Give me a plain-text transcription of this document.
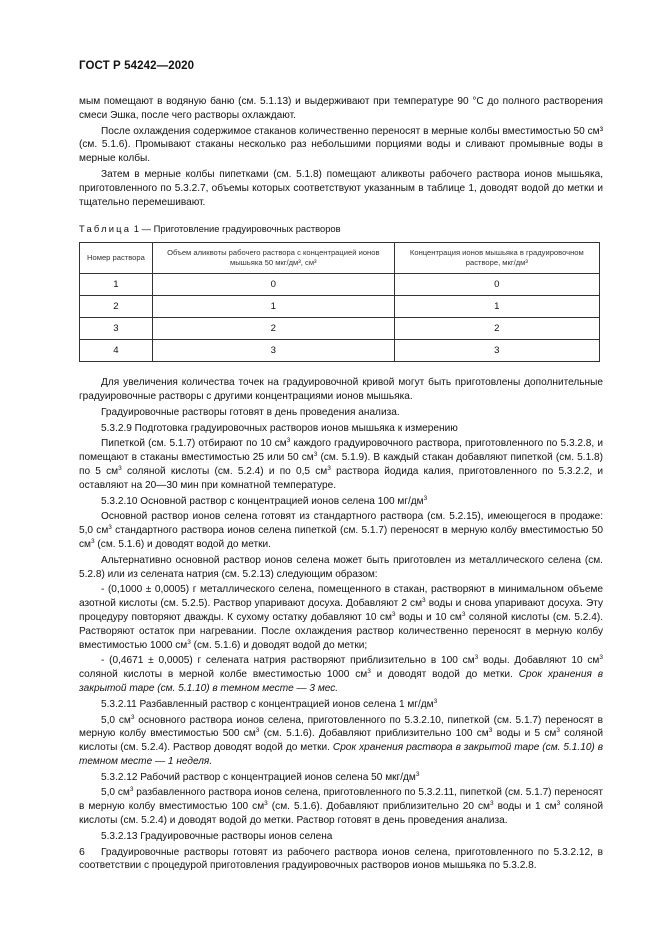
ГОСТ Р 54242—2020

мым помещают в водяную баню (см. 5.1.13) и выдерживают при температуре 90 °C до полного растворения смеси Эшка, после чего растворы охлаждают.

После охлаждения содержимое стаканов количественно переносят в мерные колбы вместимостью 50 см³ (см. 5.1.6). Промывают стаканы несколько раз небольшими порциями воды и сливают промывные воды в мерные колбы.

Затем в мерные колбы пипетками (см. 5.1.8) помещают аликвоты рабочего раствора ионов мышьяка, приготовленного по 5.3.2.7, объемы которых соответствуют указанным в таблице 1, доводят водой до метки и тщательно перемешивают.

Таблица 1 — Приготовление градуировочных растворов

Номер раствора	Объем аликвоты рабочего раствора с концентрацией ионов мышьяка 50 мкг/дм³, см³	Концентрация ионов мышьяка в градуировочном растворе, мкг/дм³
1	0	0
2	1	1
3	2	2
4	3	3

Для увеличения количества точек на градуировочной кривой могут быть приготовлены дополнительные градуировочные растворы с другими концентрациями ионов мышьяка.

Градуировочные растворы готовят в день проведения анализа.

5.3.2.9 Подготовка градуировочных растворов ионов мышьяка к измерению

Пипеткой (см. 5.1.7) отбирают по 10 $см^3$ каждого градуировочного раствора, приготовленного по 5.3.2.8, и помещают в стаканы вместимостью 25 или 50 $см^3$ (см. 5.1.9). В каждый стакан добавляют пипеткой (см. 5.1.8) по 5 $см^3$ соляной кислоты (см. 5.2.4) и по 0,5 $см^3$ раствора йодида калия, приготовленного по 5.3.2.2, и оставляют на 20—30 мин при комнатной температуре.

5.3.2.10 Основной раствор с концентрацией ионов селена 100 $мг/дм^3$

Основной раствор ионов селена готовят из стандартного раствора (см. 5.2.15), имеющегося в продаже: 5,0 $см^3$ стандартного раствора ионов селена пипеткой (см. 5.1.7) переносят в мерную колбу вместимостью 50 $см^3$ (см. 5.1.6) и доводят водой до метки.

Альтернативно основной раствор ионов селена может быть приготовлен из металлического селена (см. 5.2.8) или из селената натрия (см. 5.2.13) следующим образом:

- (0,1000 ± 0,0005) г металлического селена, помещенного в стакан, растворяют в минимальном объеме азотной кислоты (см. 5.2.5). Раствор упаривают досуха. Добавляют 2 $см^3$ воды и снова упаривают досуха. Эту процедуру повторяют дважды. К сухому остатку добавляют 10 $см^3$ воды и 10 $см^3$ соляной кислоты (см. 5.2.4). Растворяют остаток при нагревании. После охлаждения раствор количественно переносят в мерную колбу вместимостью 1000 $см^3$ (см. 5.1.6) и доводят водой до метки;

- (0,4671 ± 0,0005) г селената натрия растворяют приблизительно в 100 $см^3$ воды. Добавляют 10 $см^3$ соляной кислоты в мерной колбе вместимостью 1000 $см^3$ и доводят водой до метки. Срок хранения в закрытой таре (см. 5.1.10) в темном месте — 3 мес.

5.3.2.11 Разбавленный раствор с концентрацией ионов селена 1 $мг/дм^3$

5,0 $см^3$ основного раствора ионов селена, приготовленного по 5.3.2.10, пипеткой (см. 5.1.7) переносят в мерную колбу вместимостью 500 $см^3$ (см. 5.1.6). Добавляют приблизительно 100 $см^3$ воды и 5 $см^3$ соляной кислоты (см. 5.2.4). Раствор доводят водой до метки. Срок хранения раствора в закрытой таре (см. 5.1.10) в темном месте — 1 неделя.

5.3.2.12 Рабочий раствор с концентрацией ионов селена 50 мкг/$дм^3$

5,0 $см^3$ разбавленного раствора ионов селена, приготовленного по 5.3.2.11, пипеткой (см. 5.1.7) переносят в мерную колбу вместимостью 100 $см^3$ (см. 5.1.6). Добавляют приблизительно 20 $см^3$ воды и 1 $см^3$ соляной кислоты (см. 5.2.4) и доводят водой до метки. Раствор готовят в день проведения анализа.

5.3.2.13 Градуировочные растворы ионов селена

Градуировочные растворы готовят из рабочего раствора ионов селена, приготовленного по 5.3.2.12, в соответствии с процедурой приготовления градуировочных растворов ионов мышьяка по 5.3.2.8.

6
